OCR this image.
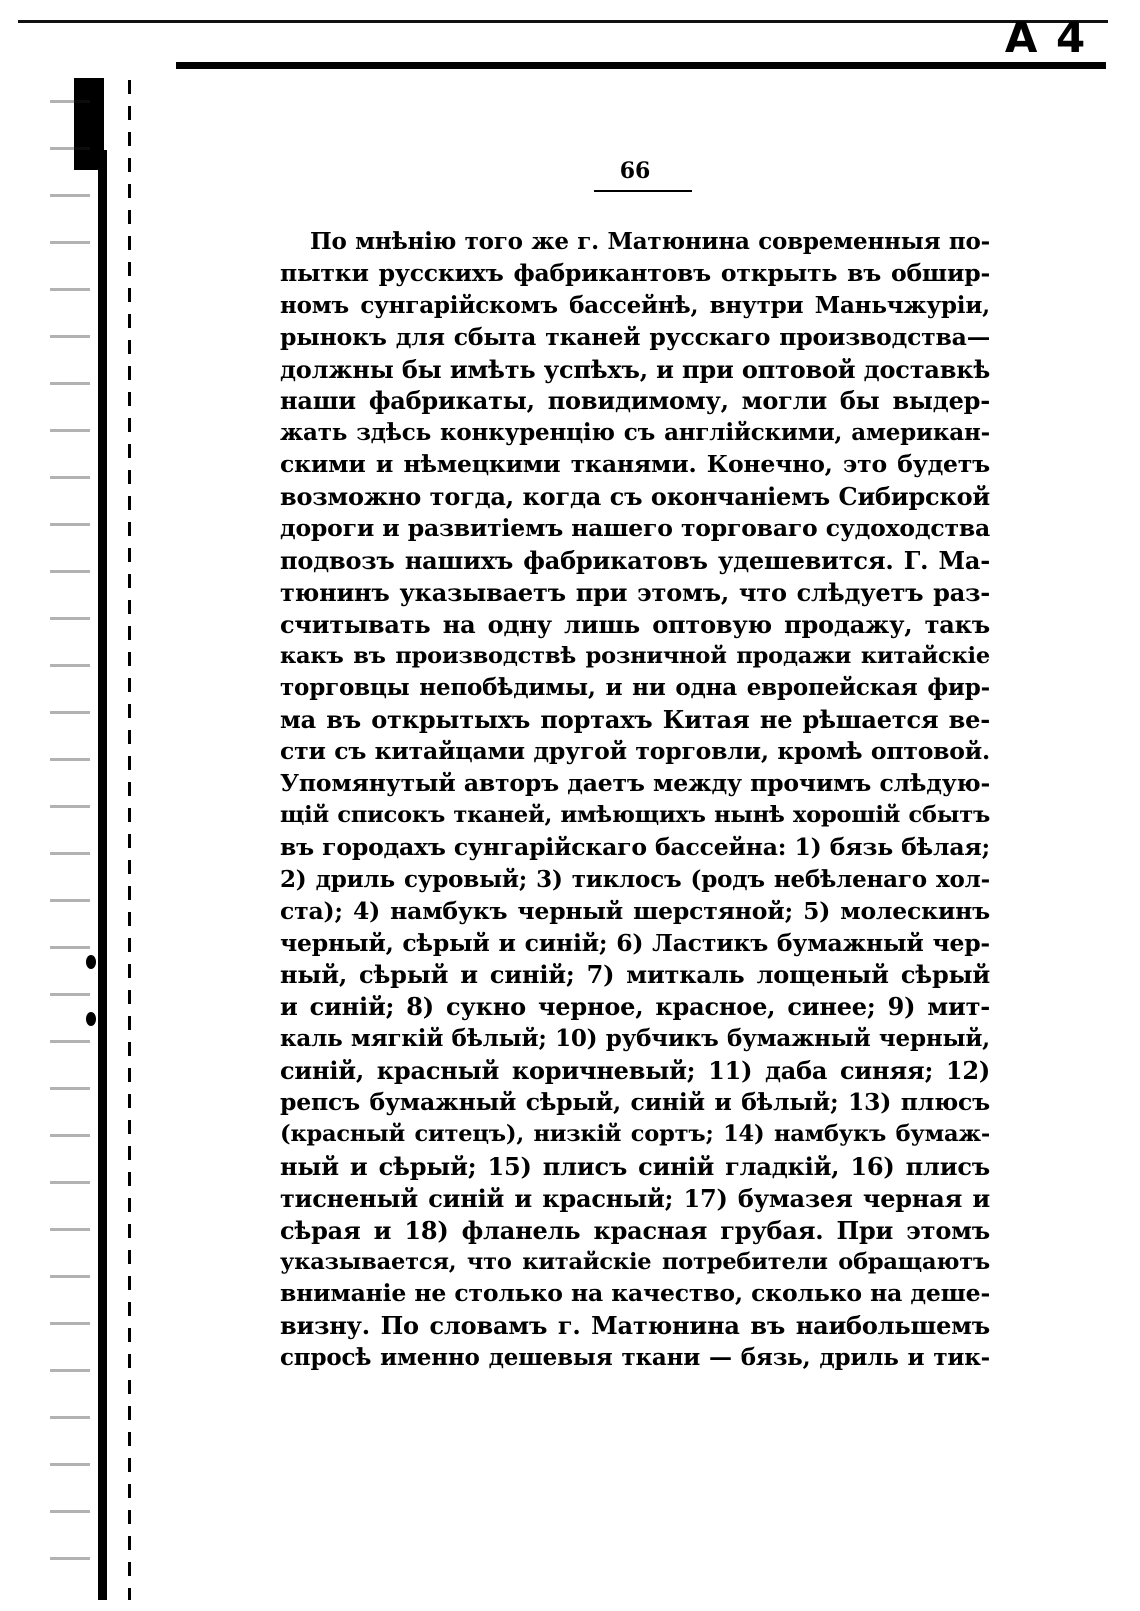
А 4
66
По мнѣнію того же г. Матюнина современныя по-
пытки русскихъ фабрикантовъ открыть въ обшир-
номъ сунгарійскомъ бассейнѣ, внутри Маньчжуріи,
рынокъ для сбыта тканей русскаго производства—
должны бы имѣть успѣхъ, и при оптовой доставкѣ
наши фабрикаты, повидимому, могли бы выдер-
жать здѣсь конкуренцію съ англійскими, американ-
скими и нѣмецкими тканями. Конечно, это будетъ
возможно тогда, когда съ окончаніемъ Сибирской
дороги и развитіемъ нашего торговаго судоходства
подвозъ нашихъ фабрикатовъ удешевится. Г. Ма-
тюнинъ указываетъ при этомъ, что слѣдуетъ раз-
считывать на одну лишь оптовую продажу, такъ
какъ въ производствѣ розничной продажи китайскіе
торговцы непобѣдимы, и ни одна европейская фир-
ма въ открытыхъ портахъ Китая не рѣшается ве-
сти съ китайцами другой торговли, кромѣ оптовой.
Упомянутый авторъ даетъ между прочимъ слѣдую-
щій списокъ тканей, имѣющихъ нынѣ хорошій сбытъ
въ городахъ сунгарійскаго бассейна: 1) бязь бѣлая;
2) дриль суровый; 3) тиклосъ (родъ небѣленаго хол-
ста); 4) намбукъ черный шерстяной; 5) молескинъ
черный, сѣрый и синій; 6) Ластикъ бумажный чер-
ный, сѣрый и синій; 7) миткаль лощеный сѣрый
и синій; 8) сукно черное, красное, синее; 9) мит-
каль мягкій бѣлый; 10) рубчикъ бумажный черный,
синій, красный коричневый; 11) даба синяя; 12)
репсъ бумажный сѣрый, синій и бѣлый; 13) плюсъ
(красный ситецъ), низкій сортъ; 14) намбукъ бумаж-
ный и сѣрый; 15) плисъ синій гладкій, 16) плисъ
тисненый синій и красный; 17) бумазея черная и
сѣрая и 18) фланель красная грубая. При этомъ
указывается, что китайскіе потребители обращаютъ
вниманіе не столько на качество, сколько на деше-
визну. По словамъ г. Матюнина въ наибольшемъ
спросѣ именно дешевыя ткани — бязь, дриль и тик-
